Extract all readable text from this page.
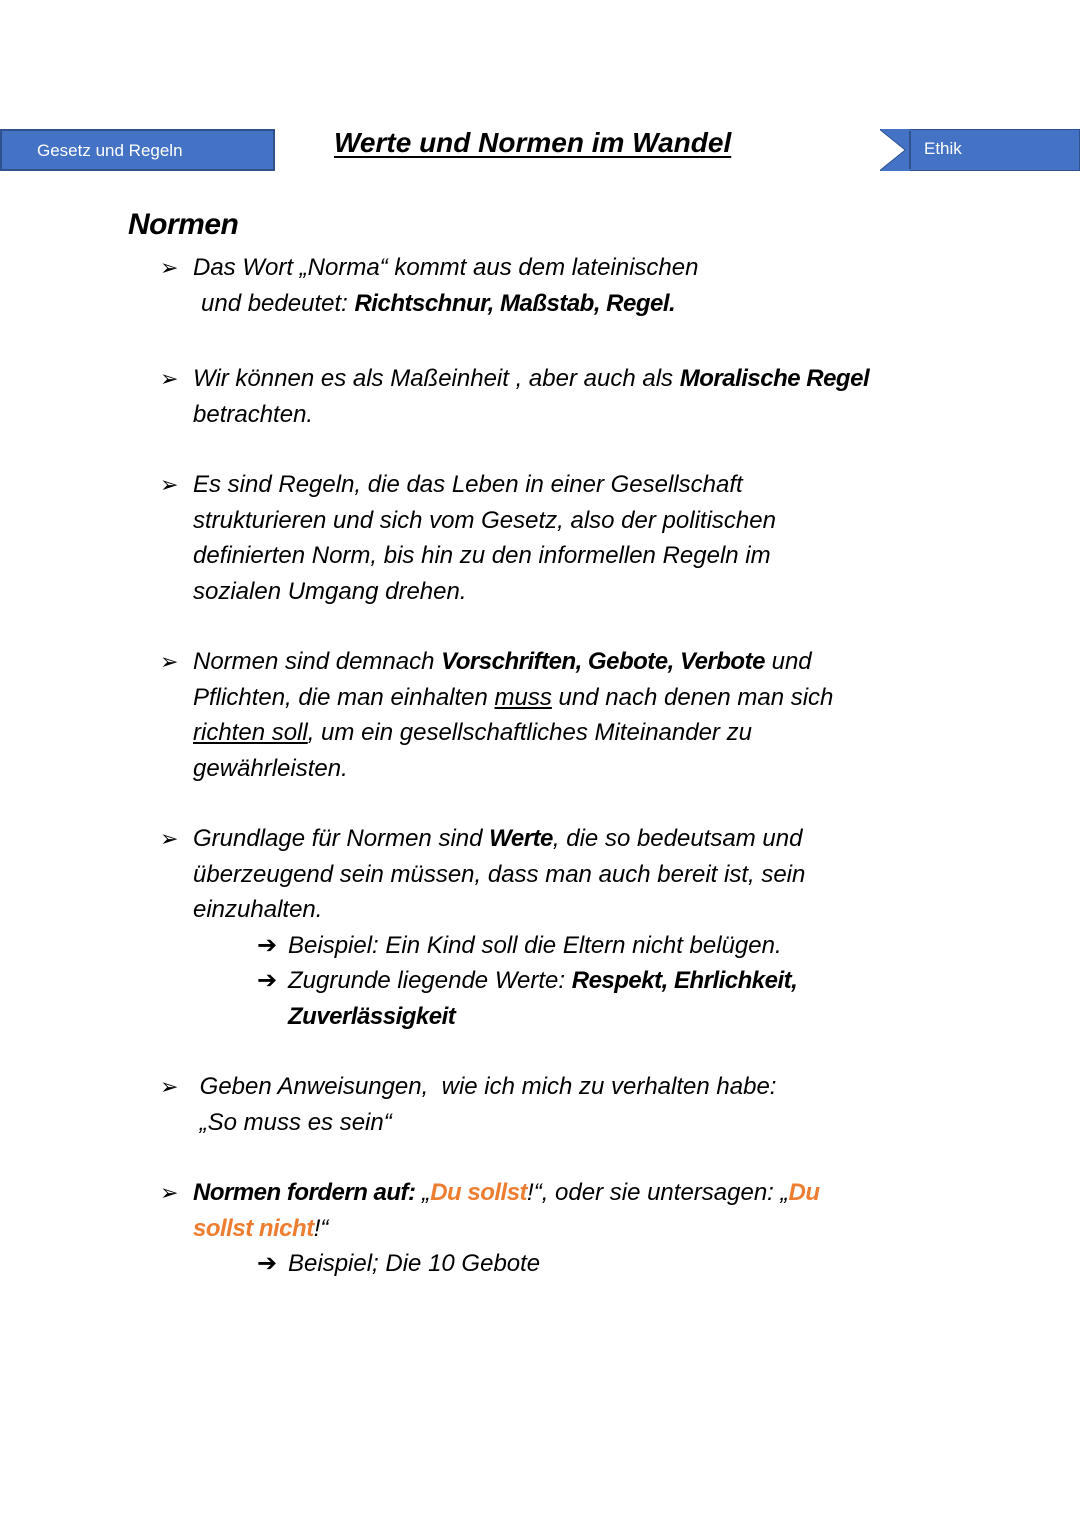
Gesetz und Regeln	Werte und Normen im Wandel	Ethik
Normen
➢ Das Wort „Norma“ kommt aus dem lateinischen
und bedeutet: Richtschnur, Maßstab, Regel.
➢ Wir können es als Maßeinheit , aber auch als Moralische Regel
betrachten.
➢ Es sind Regeln, die das Leben in einer Gesellschaft
strukturieren und sich vom Gesetz, also der politischen
definierten Norm, bis hin zu den informellen Regeln im
sozialen Umgang drehen.
➢ Normen sind demnach Vorschriften, Gebote, Verbote und
Pflichten, die man einhalten muss und nach denen man sich
richten soll, um ein gesellschaftliches Miteinander zu
gewährleisten.
➢ Grundlage für Normen sind Werte, die so bedeutsam und
überzeugend sein müssen, dass man auch bereit ist, sein
einzuhalten.
➔ Beispiel: Ein Kind soll die Eltern nicht belügen.
➔ Zugrunde liegende Werte: Respekt, Ehrlichkeit,
Zuverlässigkeit
➢ Geben Anweisungen,  wie ich mich zu verhalten habe:
„So muss es sein“
➢ Normen fordern auf: „Du sollst!“, oder sie untersagen: „Du
sollst nicht!“
➔ Beispiel; Die 10 Gebote
